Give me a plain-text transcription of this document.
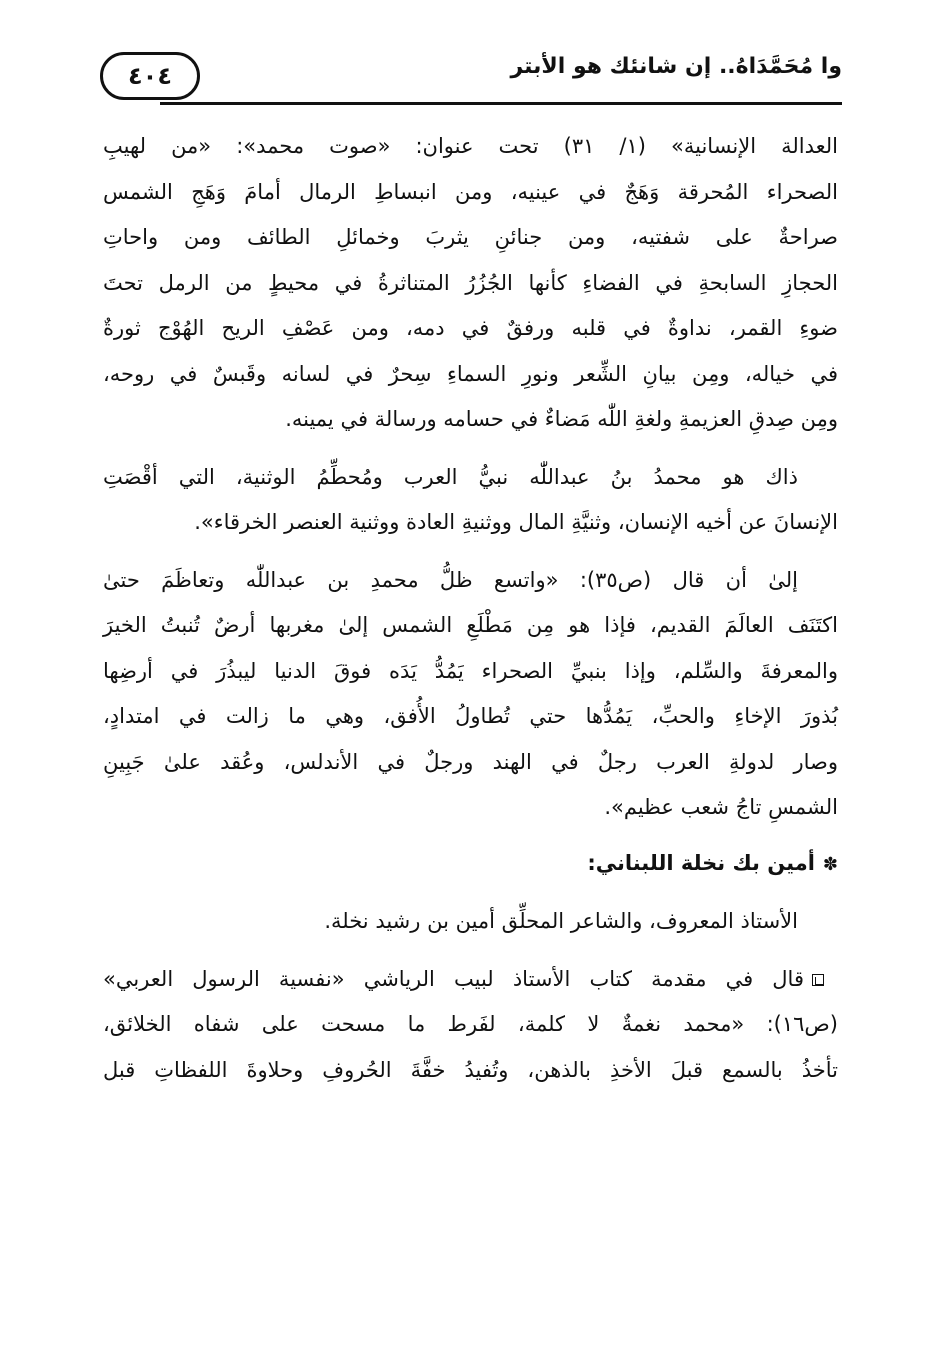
٤٠٤	وا مُحَمَّدَاهُ.. إن شانئك هو الأبتر

العدالة الإنسانية» (١/ ٣١) تحت عنوان: «صوت محمد»: «من لهيبِ
الصحراء المُحرقة وَهَجٌ في عينيه، ومن انبساطِ الرمال أمامَ وَهَجِ الشمس
صراحةٌ على شفتيه، ومن جنائنِ يثربَ وخمائلِ الطائف ومن واحاتِ
الحجازِ السابحةِ في الفضاءِ كأنها الجُزُرُ المتناثرةُ في محيطٍ من الرمل تحتَ
ضوءِ القمر، نداوةٌ في قلبه ورفقٌ في دمه، ومن عَصْفِ الريح الهُوْج ثورةٌ
في خياله، ومِن بيانِ الشِّعر ونورِ السماءِ سِحرٌ في لسانه وقَبسٌ في روحه،
ومِن صِدقِ العزيمةِ ولغةِ اللّٰه مَضاءٌ في حسامه ورسالة في يمينه.

ذاك هو محمدُ بنُ عبداللّٰه نبيُّ العرب ومُحطِّمُ الوثنية، التي أقْصَتِ
الإنسانَ عن أخيه الإنسان، وثنيَّةِ المال ووثنيةِ العادة ووثنية العنصر الخرقاء».

إلىٰ أن قال (ص٣٥): «واتسع ظلُّ محمدِ بن عبداللّٰه وتعاظَمَ حتىٰ
اكتَنَف العالَمَ القديم، فإذا هو مِن مَطْلَعِ الشمس إلىٰ مغربها أرضٌ تُنبتُ الخيرَ
والمعرفةَ والسِّلم، وإذا بنبيِّ الصحراء يَمُدُّ يَدَه فوقَ الدنيا ليبذُرَ في أرضِها
بُذورَ الإخاءِ والحبِّ، يَمُدُّها حتي تُطاولُ الأُفق، وهي ما زالت في امتدادٍ،
وصار لدولةِ العرب رجلٌ في الهند ورجلٌ في الأندلس، وعُقد علىٰ جَبِينِ
الشمسِ تاجُ شعب عظيم».

✽أمين بك نخلة اللبناني:

الأستاذ المعروف، والشاعر المحلِّق أمين بن رشيد نخلة.

قال في مقدمة كتاب الأستاذ لبيب الرياشي «نفسية الرسول العربي»
(ص١٦): «محمد نغمةٌ لا كلمة، لفَرط ما مسحت على شفاه الخلائق،
تأخذُ بالسمع قبلَ الأخذِ بالذهن، وتُفيدُ خفَّةَ الحُروفِ وحلاوةَ اللفظاتِ قبل
